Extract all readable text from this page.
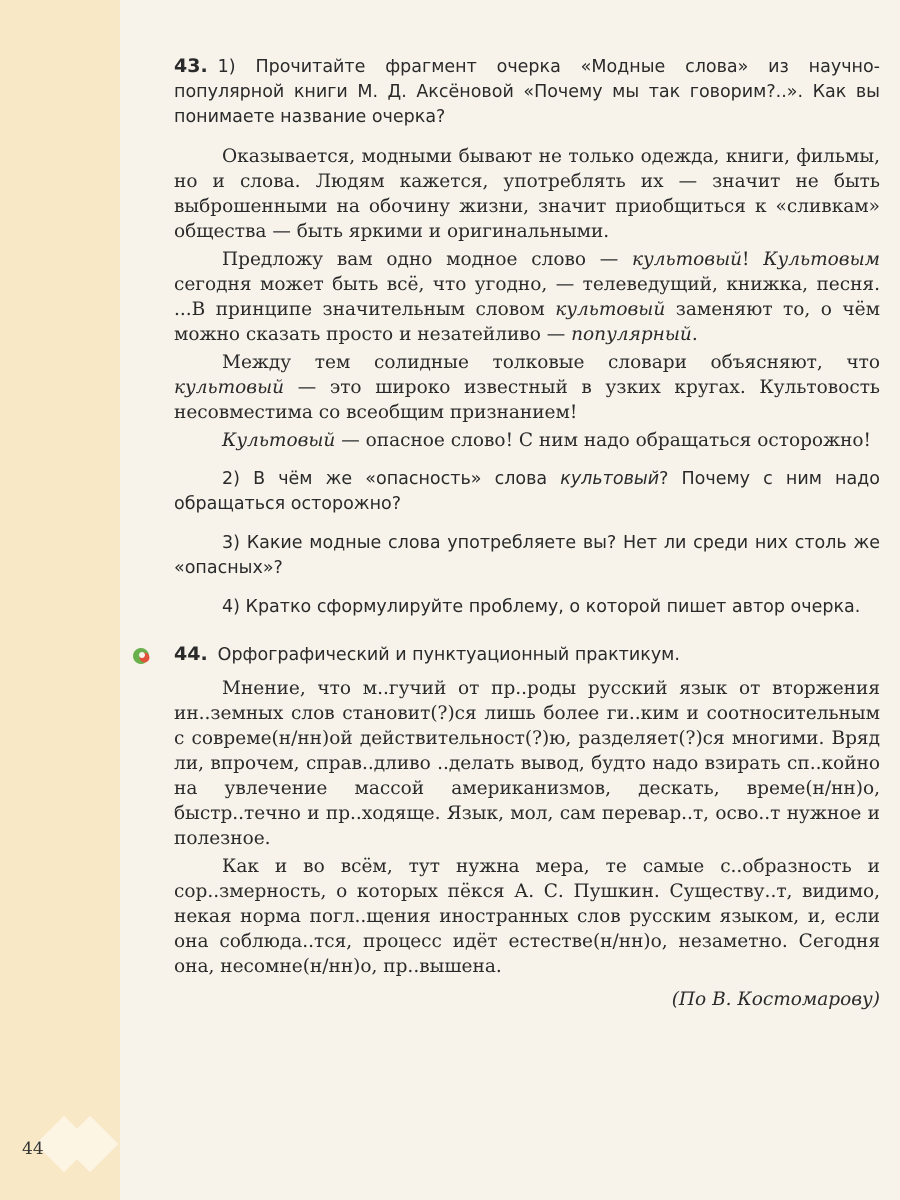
44

43. 1) Прочитайте фрагмент очерка «Модные слова» из научно-популярной книги М. Д. Аксёновой «Почему мы так говорим?..». Как вы понимаете название очерка?

Оказывается, модными бывают не только одежда, книги, фильмы, но и слова. Людям кажется, употреблять их — значит не быть выброшенными на обочину жизни, значит приобщиться к «сливкам» общества — быть яркими и оригинальными.

Предложу вам одно модное слово — культовый! Культовым сегодня может быть всё, что угодно, — телеведущий, книжка, песня. ...В принципе значительным словом культовый заменяют то, о чём можно сказать просто и незатейливо — популярный.

Между тем солидные толковые словари объясняют, что культовый — это широко известный в узких кругах. Культовость несовместима со всеобщим признанием!

Культовый — опасное слово! С ним надо обращаться осторожно!

2) В чём же «опасность» слова культовый? Почему с ним надо обращаться осторожно?

3) Какие модные слова употребляете вы? Нет ли среди них столь же «опасных»?

4) Кратко сформулируйте проблему, о которой пишет автор очерка.

44. Орфографический и пунктуационный практикум.

Мнение, что м..гучий от пр..роды русский язык от вторжения ин..земных слов становит(?)ся лишь более ги..ким и соотносительным с совреме(н/нн)ой действительност(?)ю, разделяет(?)ся многими. Вряд ли, впрочем, справ..дливо ..делать вывод, будто надо взирать сп..койно на увлечение массой американизмов, дескать, време(н/нн)о, быстр..течно и пр..ходяще. Язык, мол, сам перевар..т, осво..т нужное и полезное.

Как и во всём, тут нужна мера, те самые с..образность и сор..змерность, о которых пёкся А. С. Пушкин. Существу..т, видимо, некая норма погл..щения иностранных слов русским языком, и, если она соблюда..тся, процесс идёт естестве(н/нн)о, незаметно. Сегодня она, несомне(н/нн)о, пр..вышена.

(По В. Костомарову)
